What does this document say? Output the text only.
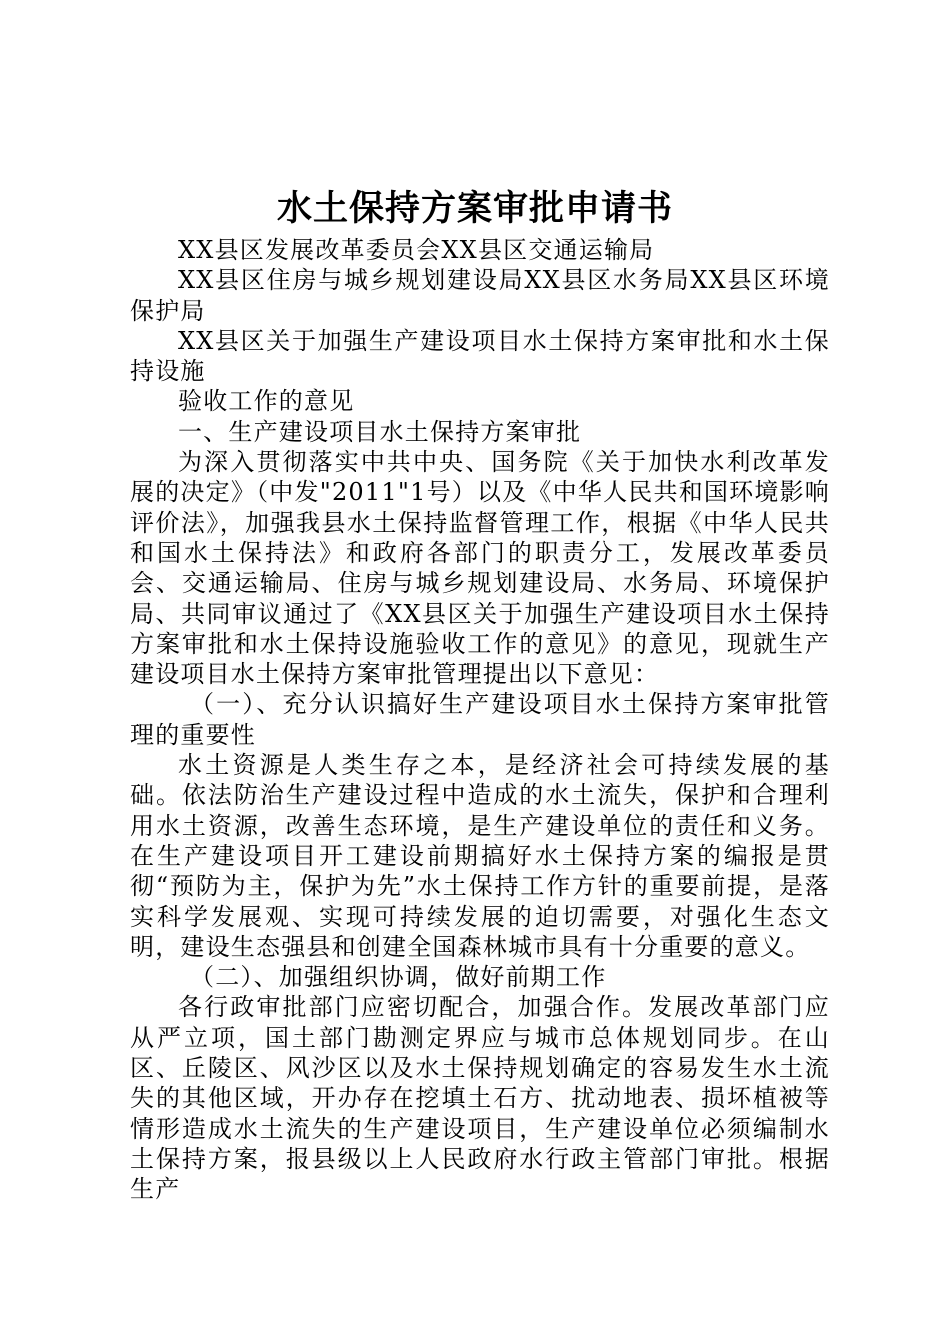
水土保持方案审批申请书

XX县区发展改革委员会XX县区交通运输局

XX县区住房与城乡规划建设局XX县区水务局XX县区环境保护局

XX县区关于加强生产建设项目水土保持方案审批和水土保持设施

验收工作的意见

一、生产建设项目水土保持方案审批

为深入贯彻落实中共中央、国务院《关于加快水利改革发展的决定》（中发"2011"1号）以及《中华人民共和国环境影响评价法》，加强我县水土保持监督管理工作，根据《中华人民共和国水土保持法》和政府各部门的职责分工，发展改革委员会、交通运输局、住房与城乡规划建设局、水务局、环境保护局、共同审议通过了《XX县区关于加强生产建设项目水土保持方案审批和水土保持设施验收工作的意见》的意见，现就生产建设项目水土保持方案审批管理提出以下意见：

（一）、充分认识搞好生产建设项目水土保持方案审批管理的重要性

水土资源是人类生存之本，是经济社会可持续发展的基础。依法防治生产建设过程中造成的水土流失，保护和合理利用水土资源，改善生态环境，是生产建设单位的责任和义务。在生产建设项目开工建设前期搞好水土保持方案的编报是贯彻“预防为主，保护为先”水土保持工作方针的重要前提，是落实科学发展观、实现可持续发展的迫切需要，对强化生态文明，建设生态强县和创建全国森林城市具有十分重要的意义。

（二）、加强组织协调，做好前期工作

各行政审批部门应密切配合，加强合作。发展改革部门应从严立项，国土部门勘测定界应与城市总体规划同步。在山区、丘陵区、风沙区以及水土保持规划确定的容易发生水土流失的其他区域，开办存在挖填土石方、扰动地表、损坏植被等情形造成水土流失的生产建设项目，生产建设单位必须编制水土保持方案，报县级以上人民政府水行政主管部门审批。根据生产
